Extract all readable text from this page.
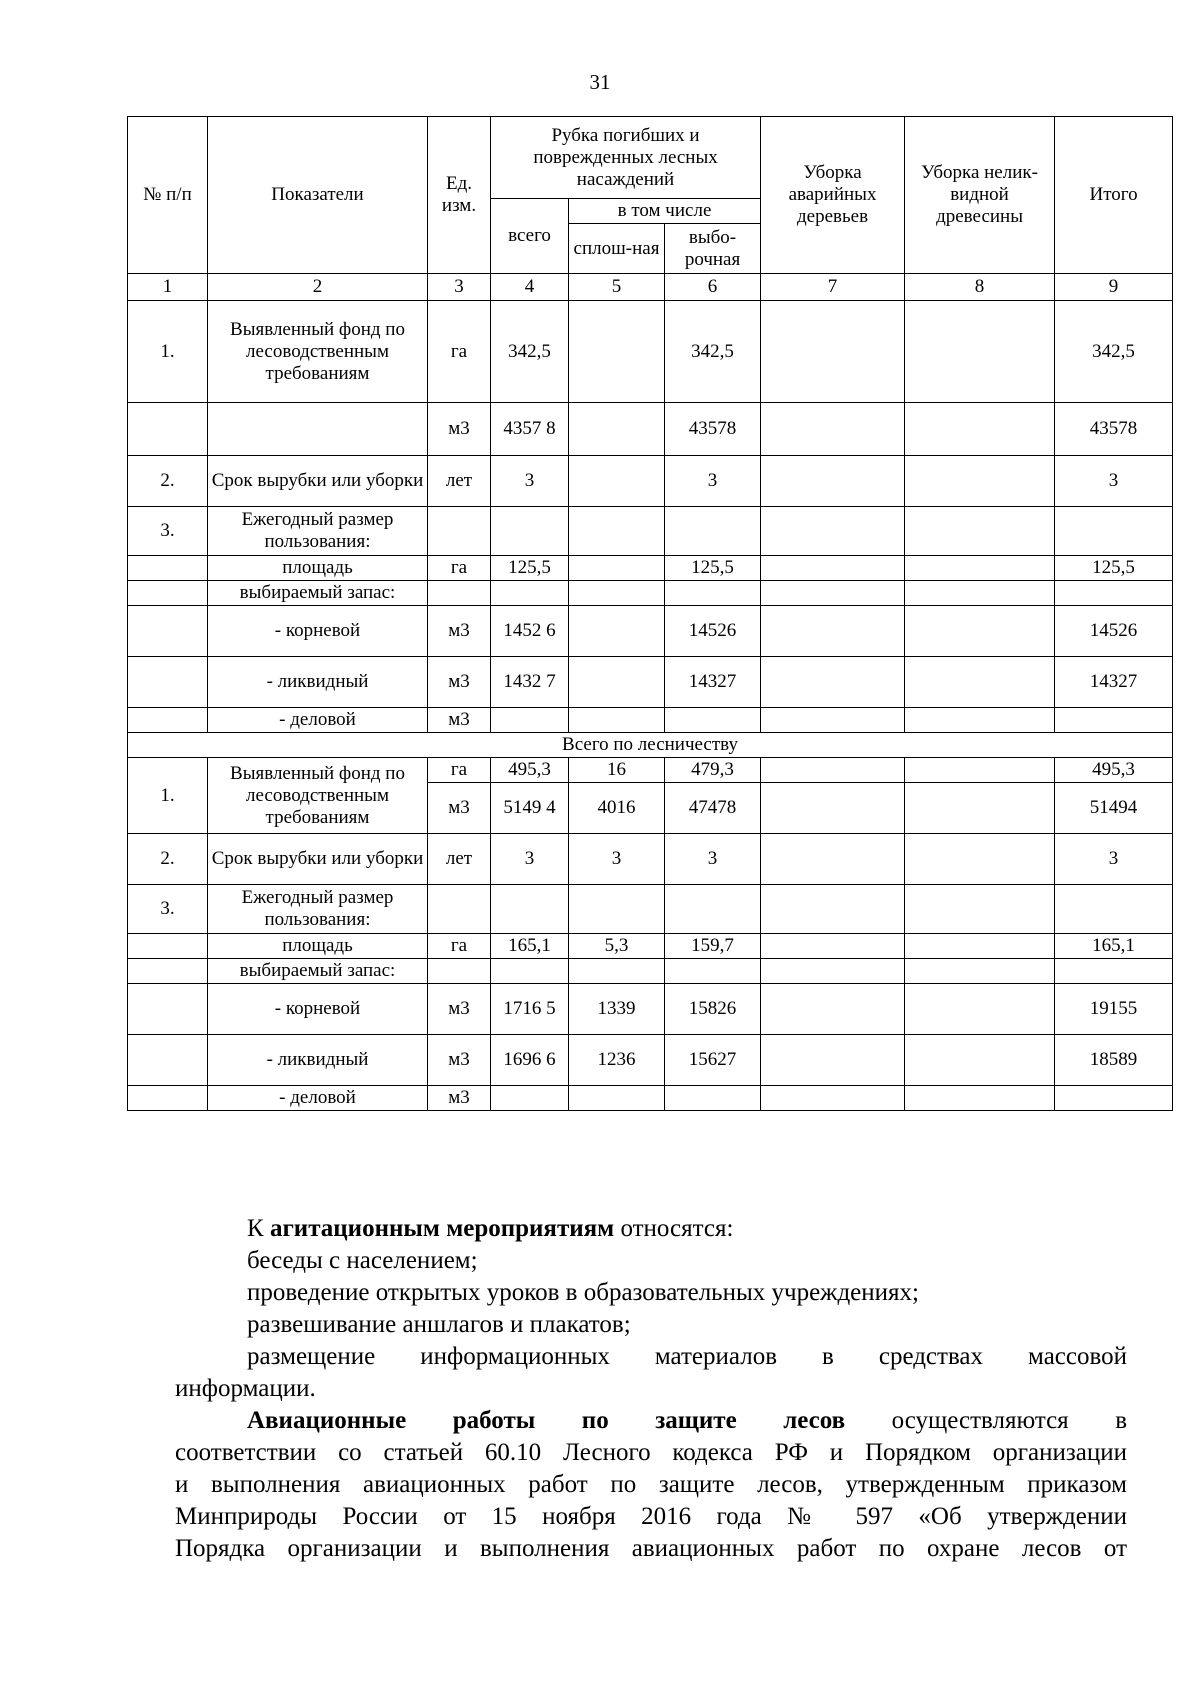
31
№ п/п	Показатели	Ед. изм.	Рубка погибших и поврежденных лесных насаждений			Уборка аварийных деревьев	Уборка нелик-видной древесины	Итого
			всего	в том числе				
				сплош-ная	выбо-рочная			
1	2	3	4	5	6	7	8	9
1.	Выявленный фонд по лесоводственным требованиям	га	342,5		342,5			342,5
		м3	4357 8		43578			43578
2.	Срок вырубки или уборки	лет	3		3			3
3.	Ежегодный размер пользования:							
	площадь	га	125,5		125,5			125,5
	выбираемый запас:							
	- корневой	м3	1452 6		14526			14526
	- ликвидный	м3	1432 7		14327			14327
	- деловой	м3						
Всего по лесничеству								
1.	Выявленный фонд по лесоводственным требованиям	га	495,3	16	479,3			495,3
		м3	5149 4	4016	47478			51494
2.	Срок вырубки или уборки	лет	3	3	3			3
3.	Ежегодный размер пользования:							
	площадь	га	165,1	5,3	159,7			165,1
	выбираемый запас:							
	- корневой	м3	1716 5	1339	15826			19155
	- ликвидный	м3	1696 6	1236	15627			18589
	- деловой	м3						

К агитационным мероприятиям относятся:

беседы с населением;

проведение открытых уроков в образовательных учреждениях;

развешивание аншлагов и плакатов;

размещение информационных материалов в средствах массовой

информации.

Авиационные работы по защите лесов осуществляются в

соответствии со статьей 60.10 Лесного кодекса РФ и Порядком организации

и выполнения авиационных работ по защите лесов, утвержденным приказом

Минприроды России от 15 ноября 2016 года № 597 «Об утверждении

Порядка организации и выполнения авиационных работ по охране лесов от
